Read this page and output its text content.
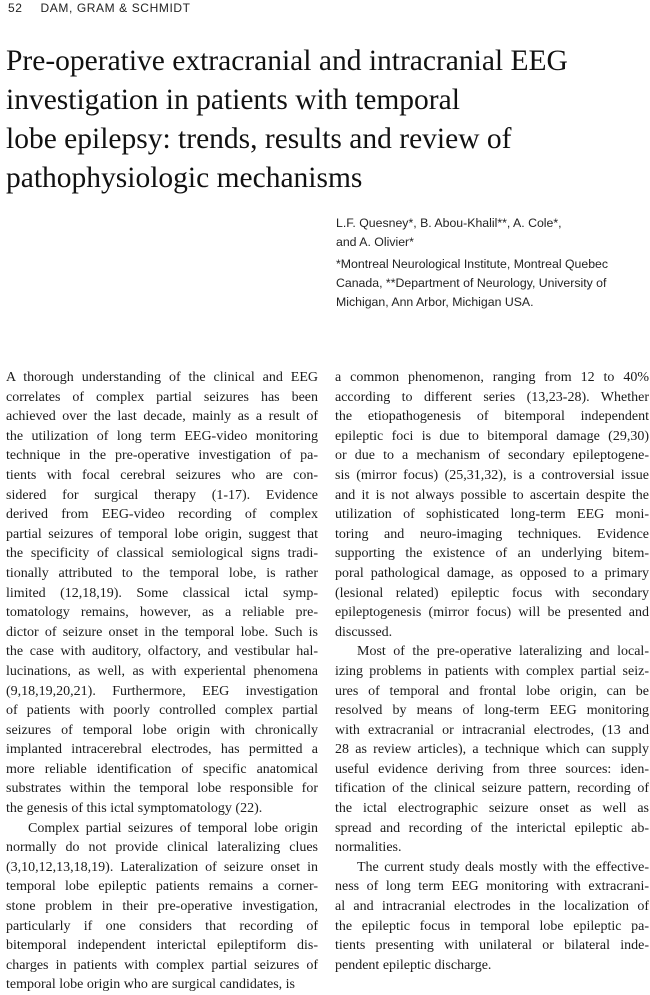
52 DAM, GRAM & SCHMIDT
Pre-operative extracranial and intracranial EEG
investigation in patients with temporal
lobe epilepsy: trends, results and review of
pathophysiologic mechanisms
L.F. Quesney*, B. Abou-Khalil**, A. Cole*,
and A. Olivier*
*Montreal Neurological Institute, Montreal Quebec
Canada, **Department of Neurology, University of
Michigan, Ann Arbor, Michigan USA.
A thorough understanding of the clinical and EEG
correlates of complex partial seizures has been
achieved over the last decade, mainly as a result of
the utilization of long term EEG-video monitoring
technique in the pre-operative investigation of pa-
tients with focal cerebral seizures who are con-
sidered for surgical therapy (1-17). Evidence
derived from EEG-video recording of complex
partial seizures of temporal lobe origin, suggest that
the specificity of classical semiological signs tradi-
tionally attributed to the temporal lobe, is rather
limited (12,18,19). Some classical ictal symp-
tomatology remains, however, as a reliable pre-
dictor of seizure onset in the temporal lobe. Such is
the case with auditory, olfactory, and vestibular hal-
lucinations, as well, as with experiental phenomena
(9,18,19,20,21). Furthermore, EEG investigation
of patients with poorly controlled complex partial
seizures of temporal lobe origin with chronically
implanted intracerebral electrodes, has permitted a
more reliable identification of specific anatomical
substrates within the temporal lobe responsible for
the genesis of this ictal symptomatology (22).
Complex partial seizures of temporal lobe origin
normally do not provide clinical lateralizing clues
(3,10,12,13,18,19). Lateralization of seizure onset in
temporal lobe epileptic patients remains a corner-
stone problem in their pre-operative investigation,
particularly if one considers that recording of
bitemporal independent interictal epileptiform dis-
charges in patients with complex partial seizures of
temporal lobe origin who are surgical candidates, is
a common phenomenon, ranging from 12 to 40%
according to different series (13,23-28). Whether
the etiopathogenesis of bitemporal independent
epileptic foci is due to bitemporal damage (29,30)
or due to a mechanism of secondary epileptogene-
sis (mirror focus) (25,31,32), is a controversial issue
and it is not always possible to ascertain despite the
utilization of sophisticated long-term EEG moni-
toring and neuro-imaging techniques. Evidence
supporting the existence of an underlying bitem-
poral pathological damage, as opposed to a primary
(lesional related) epileptic focus with secondary
epileptogenesis (mirror focus) will be presented and
discussed.
Most of the pre-operative lateralizing and local-
izing problems in patients with complex partial seiz-
ures of temporal and frontal lobe origin, can be
resolved by means of long-term EEG monitoring
with extracranial or intracranial electrodes, (13 and
28 as review articles), a technique which can supply
useful evidence deriving from three sources: iden-
tification of the clinical seizure pattern, recording of
the ictal electrographic seizure onset as well as
spread and recording of the interictal epileptic ab-
normalities.
The current study deals mostly with the effective-
ness of long term EEG monitoring with extracrani-
al and intracranial electrodes in the localization of
the epileptic focus in temporal lobe epileptic pa-
tients presenting with unilateral or bilateral inde-
pendent epileptic discharge.
